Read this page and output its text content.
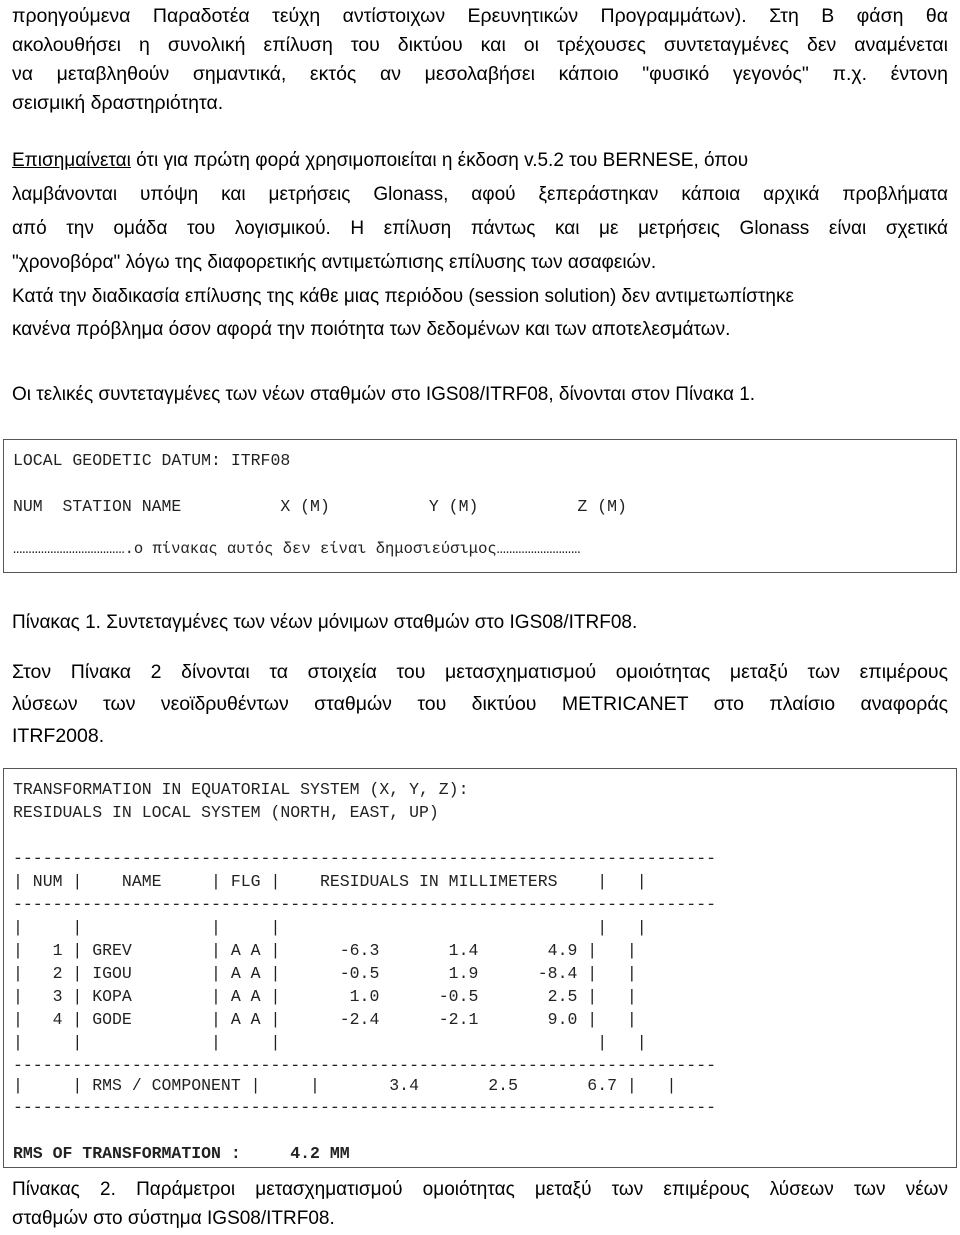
προηγούμενα Παραδοτέα τεύχη αντίστοιχων Ερευνητικών Προγραμμάτων). Στη Β φάση θα
ακολουθήσει η συνολική επίλυση του δικτύου και οι τρέχουσες συντεταγμένες δεν αναμένεται
να μεταβληθούν σημαντικά, εκτός αν μεσολαβήσει κάποιο "φυσικό γεγονός" π.χ. έντονη
σεισμική δραστηριότητα.
Επισημαίνεται ότι για πρώτη φορά χρησιμοποιείται η έκδοση v.5.2 του BERNESE, όπου
λαμβάνονται υπόψη και μετρήσεις Glonass, αφού ξεπεράστηκαν κάποια αρχικά προβλήματα
από την ομάδα του λογισμικού. Η επίλυση πάντως και με μετρήσεις Glonass είναι σχετικά
"χρονοβόρα" λόγω της διαφορετικής αντιμετώπισης επίλυσης των ασαφειών.
Κατά την διαδικασία επίλυσης της κάθε μιας περιόδου (session solution) δεν αντιμετωπίστηκε
κανένα πρόβλημα όσον αφορά την ποιότητα των δεδομένων και των αποτελεσμάτων.
Οι τελικές συντεταγμένες των νέων σταθμών στο IGS08/ITRF08, δίνονται στον Πίνακα 1.
LOCAL GEODETIC DATUM: ITRF08
NUM  STATION NAME          X (M)          Y (M)          Z (M)
……………………………….ο πίνακας αυτός δεν είναι δημοσιεύσιμος………………………
Πίνακας 1. Συντεταγμένες των νέων μόνιμων σταθμών στο IGS08/ITRF08.
Στον Πίνακα 2 δίνονται τα στοιχεία του μετασχηματισμού ομοιότητας μεταξύ των επιμέρους
λύσεων των νεοϊδρυθέντων σταθμών του δικτύου METRICANET στο πλαίσιο αναφοράς
ITRF2008.
TRANSFORMATION IN EQUATORIAL SYSTEM (X, Y, Z):
RESIDUALS IN LOCAL SYSTEM (NORTH, EAST, UP)
-----------------------------------------------------------------------
| NUM |    NAME     | FLG |    RESIDUALS IN MILLIMETERS    |   |
-----------------------------------------------------------------------
|     |             |     |                                |   |
|   1 | GREV        | A A |      -6.3       1.4       4.9 |   |
|   2 | IGOU        | A A |      -0.5       1.9      -8.4 |   |
|   3 | KOPA        | A A |       1.0      -0.5       2.5 |   |
|   4 | GODE        | A A |      -2.4      -2.1       9.0 |   |
|     |             |     |                                |   |
-----------------------------------------------------------------------
|     | RMS / COMPONENT |     |       3.4       2.5       6.7 |   |
-----------------------------------------------------------------------
RMS OF TRANSFORMATION :     4.2 MM
Πίνακας 2. Παράμετροι μετασχηματισμού ομοιότητας μεταξύ των επιμέρους λύσεων των νέων
σταθμών στο σύστημα IGS08/ITRF08.
